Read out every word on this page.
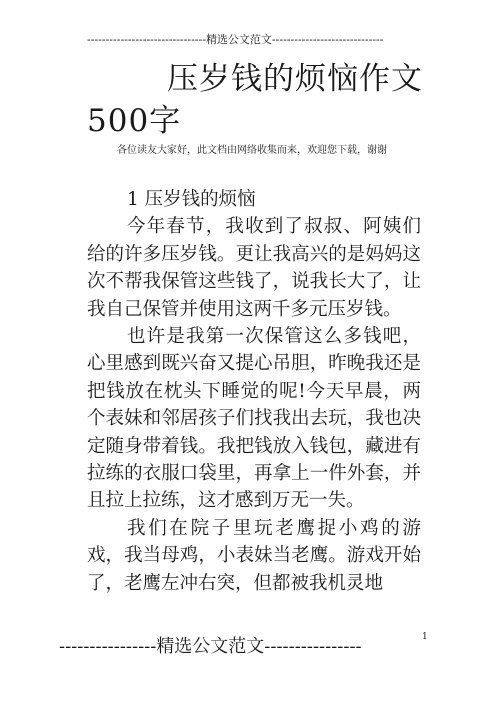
--------------------------------精选公文范文------------------------------
压岁钱的烦恼作文500字
各位读友大家好，此文档由网络收集而来，欢迎您下载，谢谢

1 压岁钱的烦恼

今年春节，我收到了叔叔、阿姨们给的许多压岁钱。更让我高兴的是妈妈这次不帮我保管这些钱了，说我长大了，让我自己保管并使用这两千多元压岁钱。

也许是我第一次保管这么多钱吧，心里感到既兴奋又提心吊胆，昨晚我还是把钱放在枕头下睡觉的呢!今天早晨，两个表妹和邻居孩子们找我出去玩，我也决定随身带着钱。我把钱放入钱包，藏进有拉练的衣服口袋里，再拿上一件外套，并且拉上拉练，这才感到万无一失。

我们在院子里玩老鹰捉小鸡的游戏，我当母鸡，小表妹当老鹰。游戏开始了，老鹰左冲右突，但都被我机灵地

----------------精选公文范文----------------	1
